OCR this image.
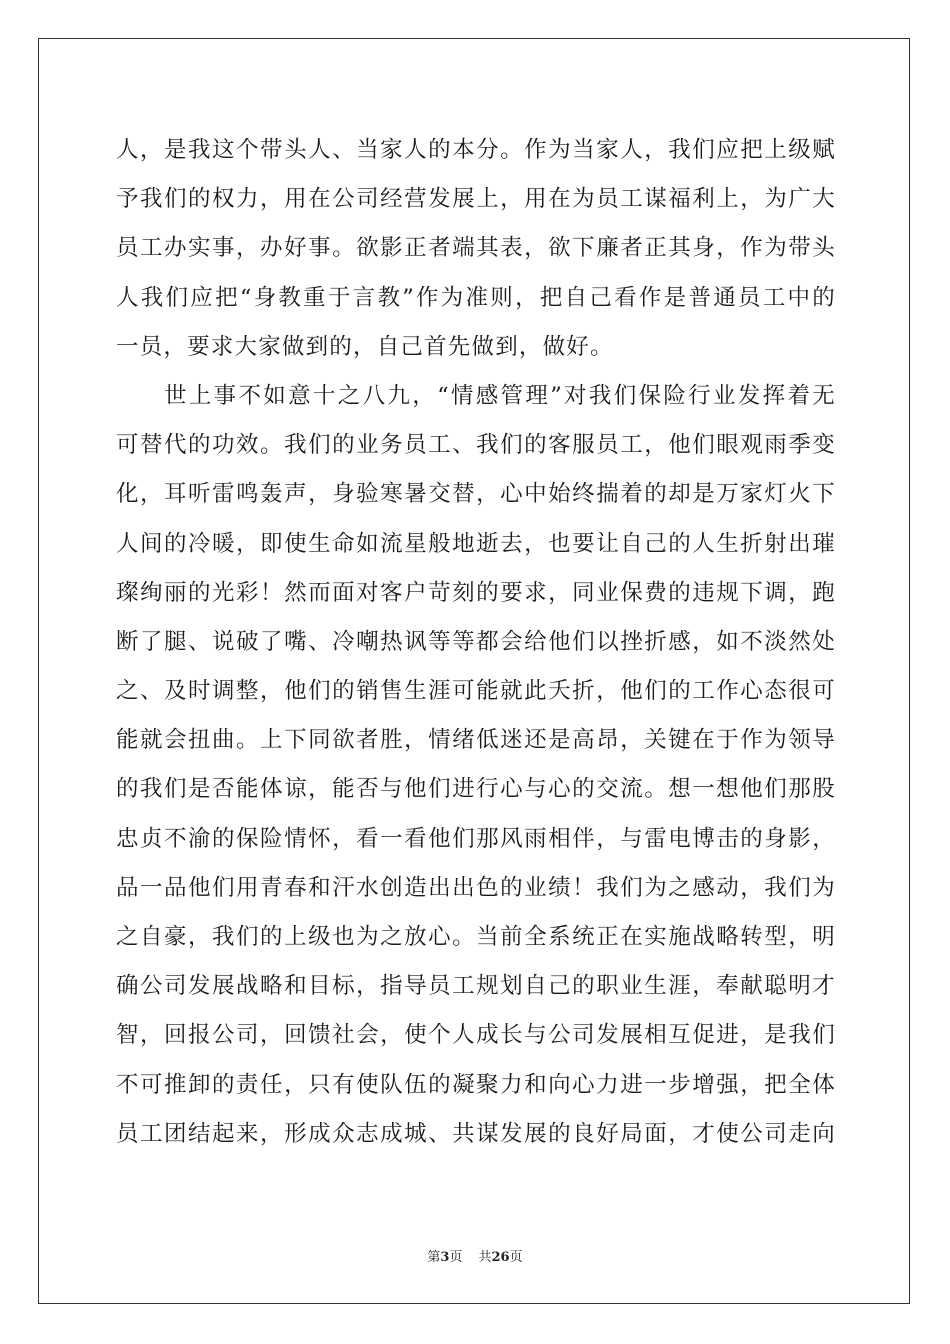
人，是我这个带头人、当家人的本分。作为当家人，我们应把上级赋
予我们的权力，用在公司经营发展上，用在为员工谋福利上，为广大
员工办实事，办好事。欲影正者端其表，欲下廉者正其身，作为带头
人我们应把“身教重于言教”作为准则，把自己看作是普通员工中的
一员，要求大家做到的，自己首先做到，做好。
世上事不如意十之八九，“情感管理”对我们保险行业发挥着无
可替代的功效。我们的业务员工、我们的客服员工，他们眼观雨季变
化，耳听雷鸣轰声，身验寒暑交替，心中始终揣着的却是万家灯火下
人间的冷暖，即使生命如流星般地逝去，也要让自己的人生折射出璀
璨绚丽的光彩！然而面对客户苛刻的要求，同业保费的违规下调，跑
断了腿、说破了嘴、冷嘲热讽等等都会给他们以挫折感，如不淡然处
之、及时调整，他们的销售生涯可能就此夭折，他们的工作心态很可
能就会扭曲。上下同欲者胜，情绪低迷还是高昂，关键在于作为领导
的我们是否能体谅，能否与他们进行心与心的交流。想一想他们那股
忠贞不渝的保险情怀，看一看他们那风雨相伴，与雷电博击的身影，
品一品他们用青春和汗水创造出出色的业绩！我们为之感动，我们为
之自豪，我们的上级也为之放心。当前全系统正在实施战略转型，明
确公司发展战略和目标，指导员工规划自己的职业生涯，奉献聪明才
智，回报公司，回馈社会，使个人成长与公司发展相互促进，是我们
不可推卸的责任，只有使队伍的凝聚力和向心力进一步增强，把全体
员工团结起来，形成众志成城、共谋发展的良好局面，才使公司走向
第3页 共26页
